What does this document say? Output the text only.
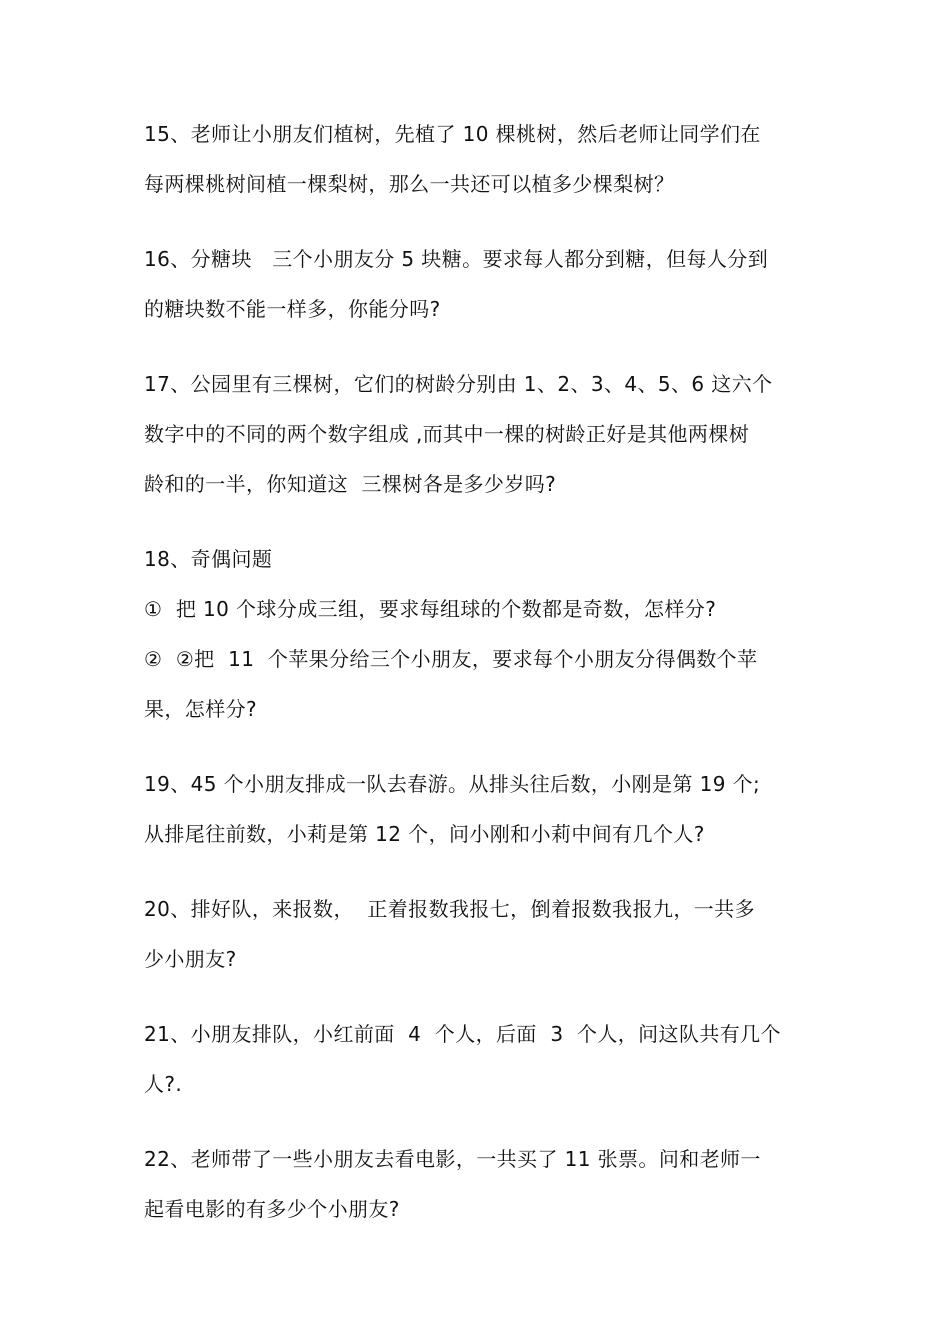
15、老师让小朋友们植树，先植了 10 棵桃树，然后老师让同学们在
每两棵桃树间植一棵梨树，那么一共还可以植多少棵梨树？
16、分糖块　三个小朋友分 5 块糖。要求每人都分到糖，但每人分到
的糖块数不能一样多，你能分吗?
17、公园里有三棵树，它们的树龄分别由 1、2、3、4、5、6 这六个
数字中的不同的两个数字组成 ,而其中一棵的树龄正好是其他两棵树
龄和的一半，你知道这  三棵树各是多少岁吗?
18、奇偶问题
①  把 10 个球分成三组，要求每组球的个数都是奇数，怎样分?
②  ②把  11  个苹果分给三个小朋友，要求每个小朋友分得偶数个苹
果，怎样分?
19、45 个小朋友排成一队去春游。从排头往后数，小刚是第 19 个;
从排尾往前数，小莉是第 12 个，问小刚和小莉中间有几个人?
20、排好队，来报数，  正着报数我报七，倒着报数我报九，一共多
少小朋友?
21、小朋友排队，小红前面  4  个人，后面  3  个人，问这队共有几个
人?.
22、老师带了一些小朋友去看电影，一共买了 11 张票。问和老师一
起看电影的有多少个小朋友?
